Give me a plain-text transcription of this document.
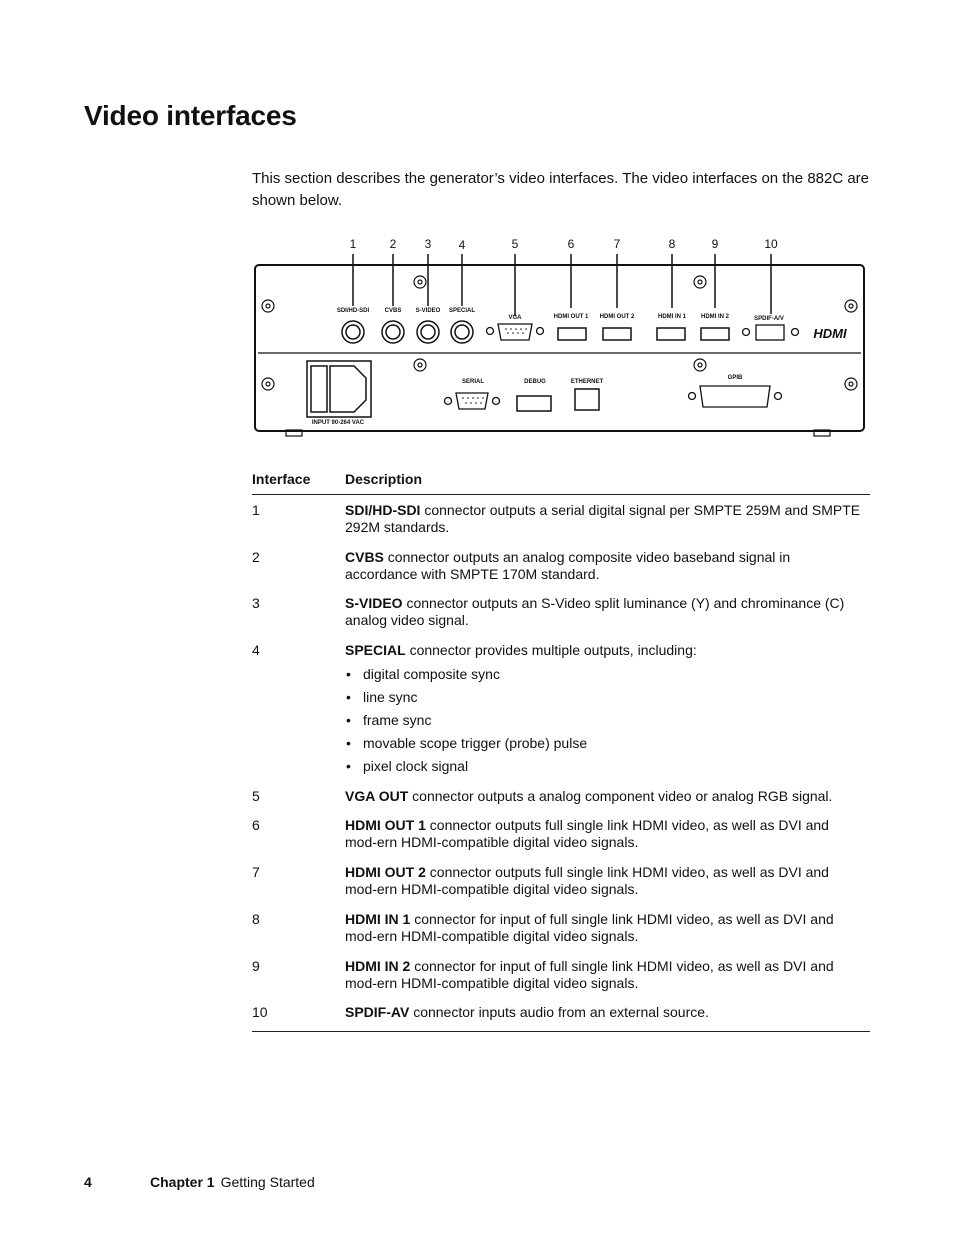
Video interfaces

This section describes the generator’s video interfaces. The video interfaces on the 882C are shown below.

1	2 3 4	5	6	7	8	9	10
SDI/HD-SDI	CVBS S-VIDEO SPECIAL
VGA	HDMI OUT 1 HDMI OUT 2	HDMI IN 1 HDMI IN 2	SPDIF-A/V
SERIAL	DEBUG	ETHERNET
GPIB
INPUT 90-264 VAC
HDMI
Interface	Description
1	SDI/HD-SDI connector outputs a serial digital signal per SMPTE 259M and SMPTE 292M standards.
2	CVBS connector outputs an analog composite video baseband signal in accordance with SMPTE 170M standard.
3	S-VIDEO connector outputs an S-Video split luminance (Y) and chrominance (C) analog video signal.
4	SPECIAL connector provides multiple outputs, including:
• digital composite sync
• line sync
• frame sync
• movable scope trigger (probe) pulse
• pixel clock signal
5	VGA OUT connector outputs a analog component video or analog RGB signal.
6	HDMI OUT 1 connector outputs full single link HDMI video, as well as DVI and mod-ern HDMI-compatible digital video signals.
7	HDMI OUT 2 connector outputs full single link HDMI video, as well as DVI and mod-ern HDMI-compatible digital video signals.
8	HDMI IN 1 connector for input of full single link HDMI video, as well as DVI and mod-ern HDMI-compatible digital video signals.
9	HDMI IN 2 connector for input of full single link HDMI video, as well as DVI and mod-ern HDMI-compatible digital video signals.
10	SPDIF-AV connector inputs audio from an external source.
4	Chapter 1 Getting Started
